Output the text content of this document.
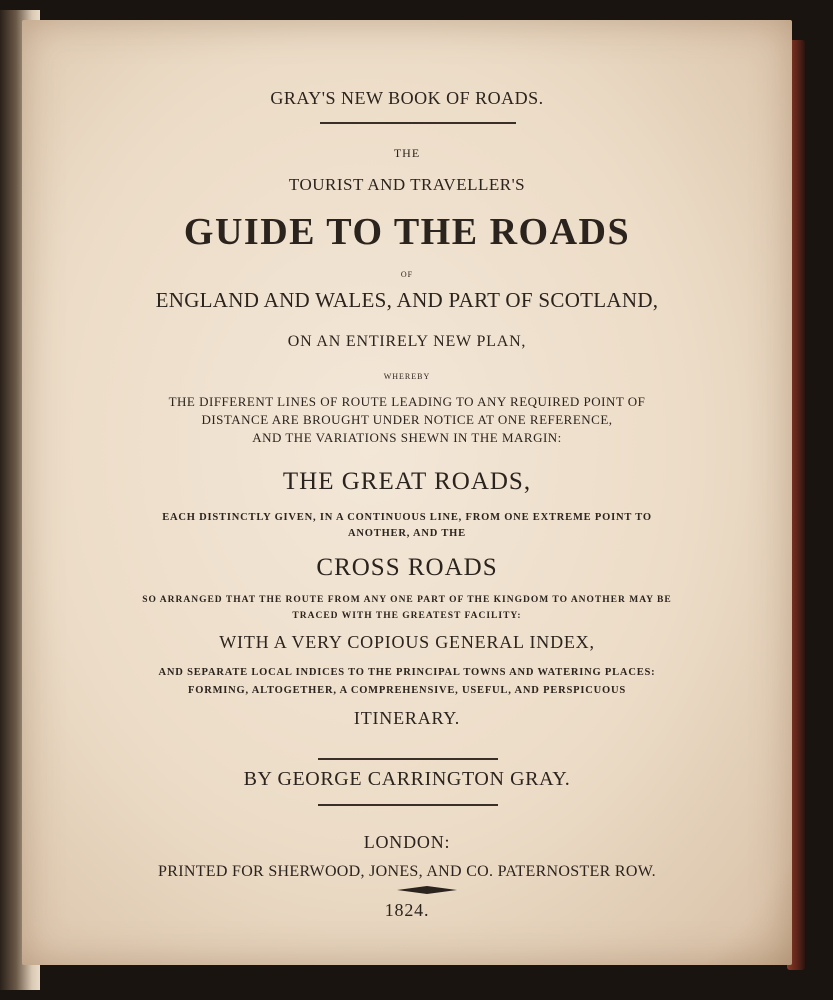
GRAY'S NEW BOOK OF ROADS.
THE
TOURIST AND TRAVELLER'S
GUIDE TO THE ROADS
OF
ENGLAND AND WALES, AND PART OF SCOTLAND,
ON AN ENTIRELY NEW PLAN,
WHEREBY
THE DIFFERENT LINES OF ROUTE LEADING TO ANY REQUIRED POINT OF
DISTANCE ARE BROUGHT UNDER NOTICE AT ONE REFERENCE,
AND THE VARIATIONS SHEWN IN THE MARGIN:
THE GREAT ROADS,
EACH DISTINCTLY GIVEN, IN A CONTINUOUS LINE, FROM ONE EXTREME POINT TO
ANOTHER, AND THE
CROSS ROADS
SO ARRANGED THAT THE ROUTE FROM ANY ONE PART OF THE KINGDOM TO ANOTHER MAY BE
TRACED WITH THE GREATEST FACILITY:
WITH A VERY COPIOUS GENERAL INDEX,
AND SEPARATE LOCAL INDICES TO THE PRINCIPAL TOWNS AND WATERING PLACES:
FORMING, ALTOGETHER, A COMPREHENSIVE, USEFUL, AND PERSPICUOUS
ITINERARY.
BY GEORGE CARRINGTON GRAY.
LONDON:
PRINTED FOR SHERWOOD, JONES, AND CO. PATERNOSTER ROW.
1824.
